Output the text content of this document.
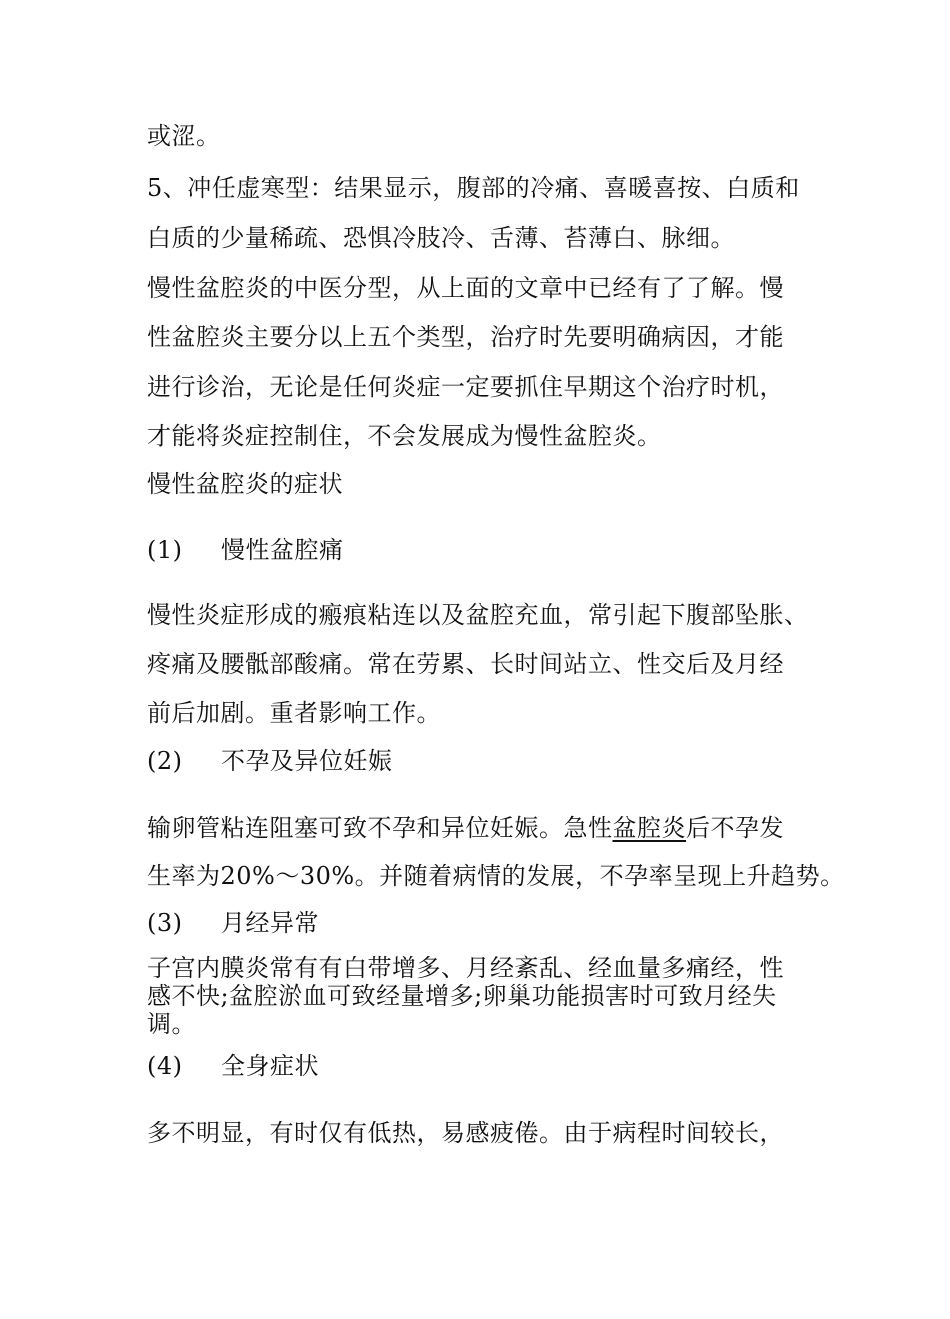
或涩。
5、冲任虚寒型：结果显示，腹部的冷痛、喜暖喜按、白质和
白质的少量稀疏、恐惧冷肢冷、舌薄、苔薄白、脉细。
慢性盆腔炎的中医分型，从上面的文章中已经有了了解。慢
性盆腔炎主要分以上五个类型，治疗时先要明确病因，才能
进行诊治，无论是任何炎症一定要抓住早期这个治疗时机，
才能将炎症控制住，不会发展成为慢性盆腔炎。
慢性盆腔炎的症状
(1) 慢性盆腔痛
慢性炎症形成的瘢痕粘连以及盆腔充血，常引起下腹部坠胀、
疼痛及腰骶部酸痛。常在劳累、长时间站立、性交后及月经
前后加剧。重者影响工作。
(2) 不孕及异位妊娠
输卵管粘连阻塞可致不孕和异位妊娠。急性盆腔炎后不孕发
生率为20%～30%。并随着病情的发展，不孕率呈现上升趋势。
(3) 月经异常
子宫内膜炎常有有白带增多、月经紊乱、经血量多痛经，性
感不快;盆腔淤血可致经量增多;卵巢功能损害时可致月经失
调。
(4) 全身症状
多不明显，有时仅有低热，易感疲倦。由于病程时间较长，
